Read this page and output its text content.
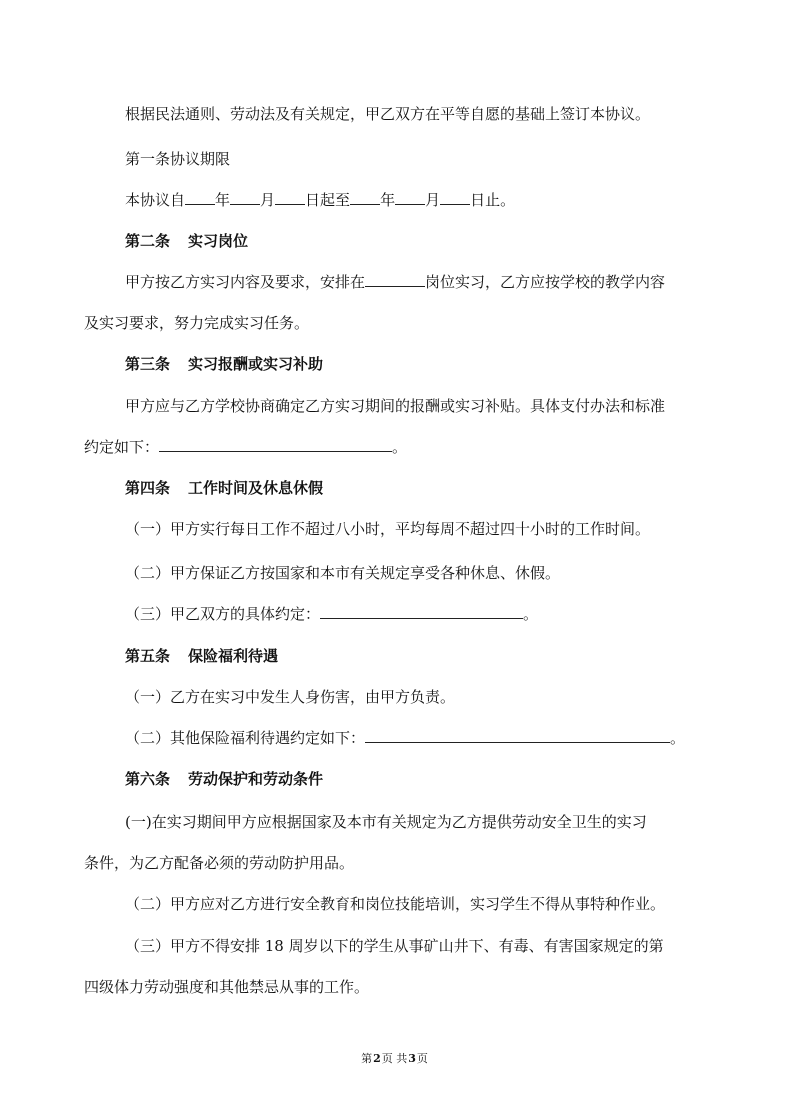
根据民法通则、劳动法及有关规定，甲乙双方在平等自愿的基础上签订本协议。
第一条协议期限
本协议自 年 月 日起至 年 月 日止。
第二条 实习岗位
甲方按乙方实习内容及要求，安排在	岗位实习，乙方应按学校的教学内容
及实习要求，努力完成实习任务。
第三条 实习报酬或实习补助
甲方应与乙方学校协商确定乙方实习期间的报酬或实习补贴。具体支付办法和标准
约定如下：	。
第四条 工作时间及休息休假
（一）甲方实行每日工作不超过八小时，平均每周不超过四十小时的工作时间。
（二）甲方保证乙方按国家和本市有关规定享受各种休息、休假。
（三）甲乙双方的具体约定：	。
第五条 保险福利待遇
（一）乙方在实习中发生人身伤害，由甲方负责。
（二）其他保险福利待遇约定如下：	。
第六条 劳动保护和劳动条件
(一)在实习期间甲方应根据国家及本市有关规定为乙方提供劳动安全卫生的实习
条件，为乙方配备必须的劳动防护用品。
（二）甲方应对乙方进行安全教育和岗位技能培训，实习学生不得从事特种作业。
（三）甲方不得安排 18 周岁以下的学生从事矿山井下、有毒、有害国家规定的第
四级体力劳动强度和其他禁忌从事的工作。
第2页 共3页
